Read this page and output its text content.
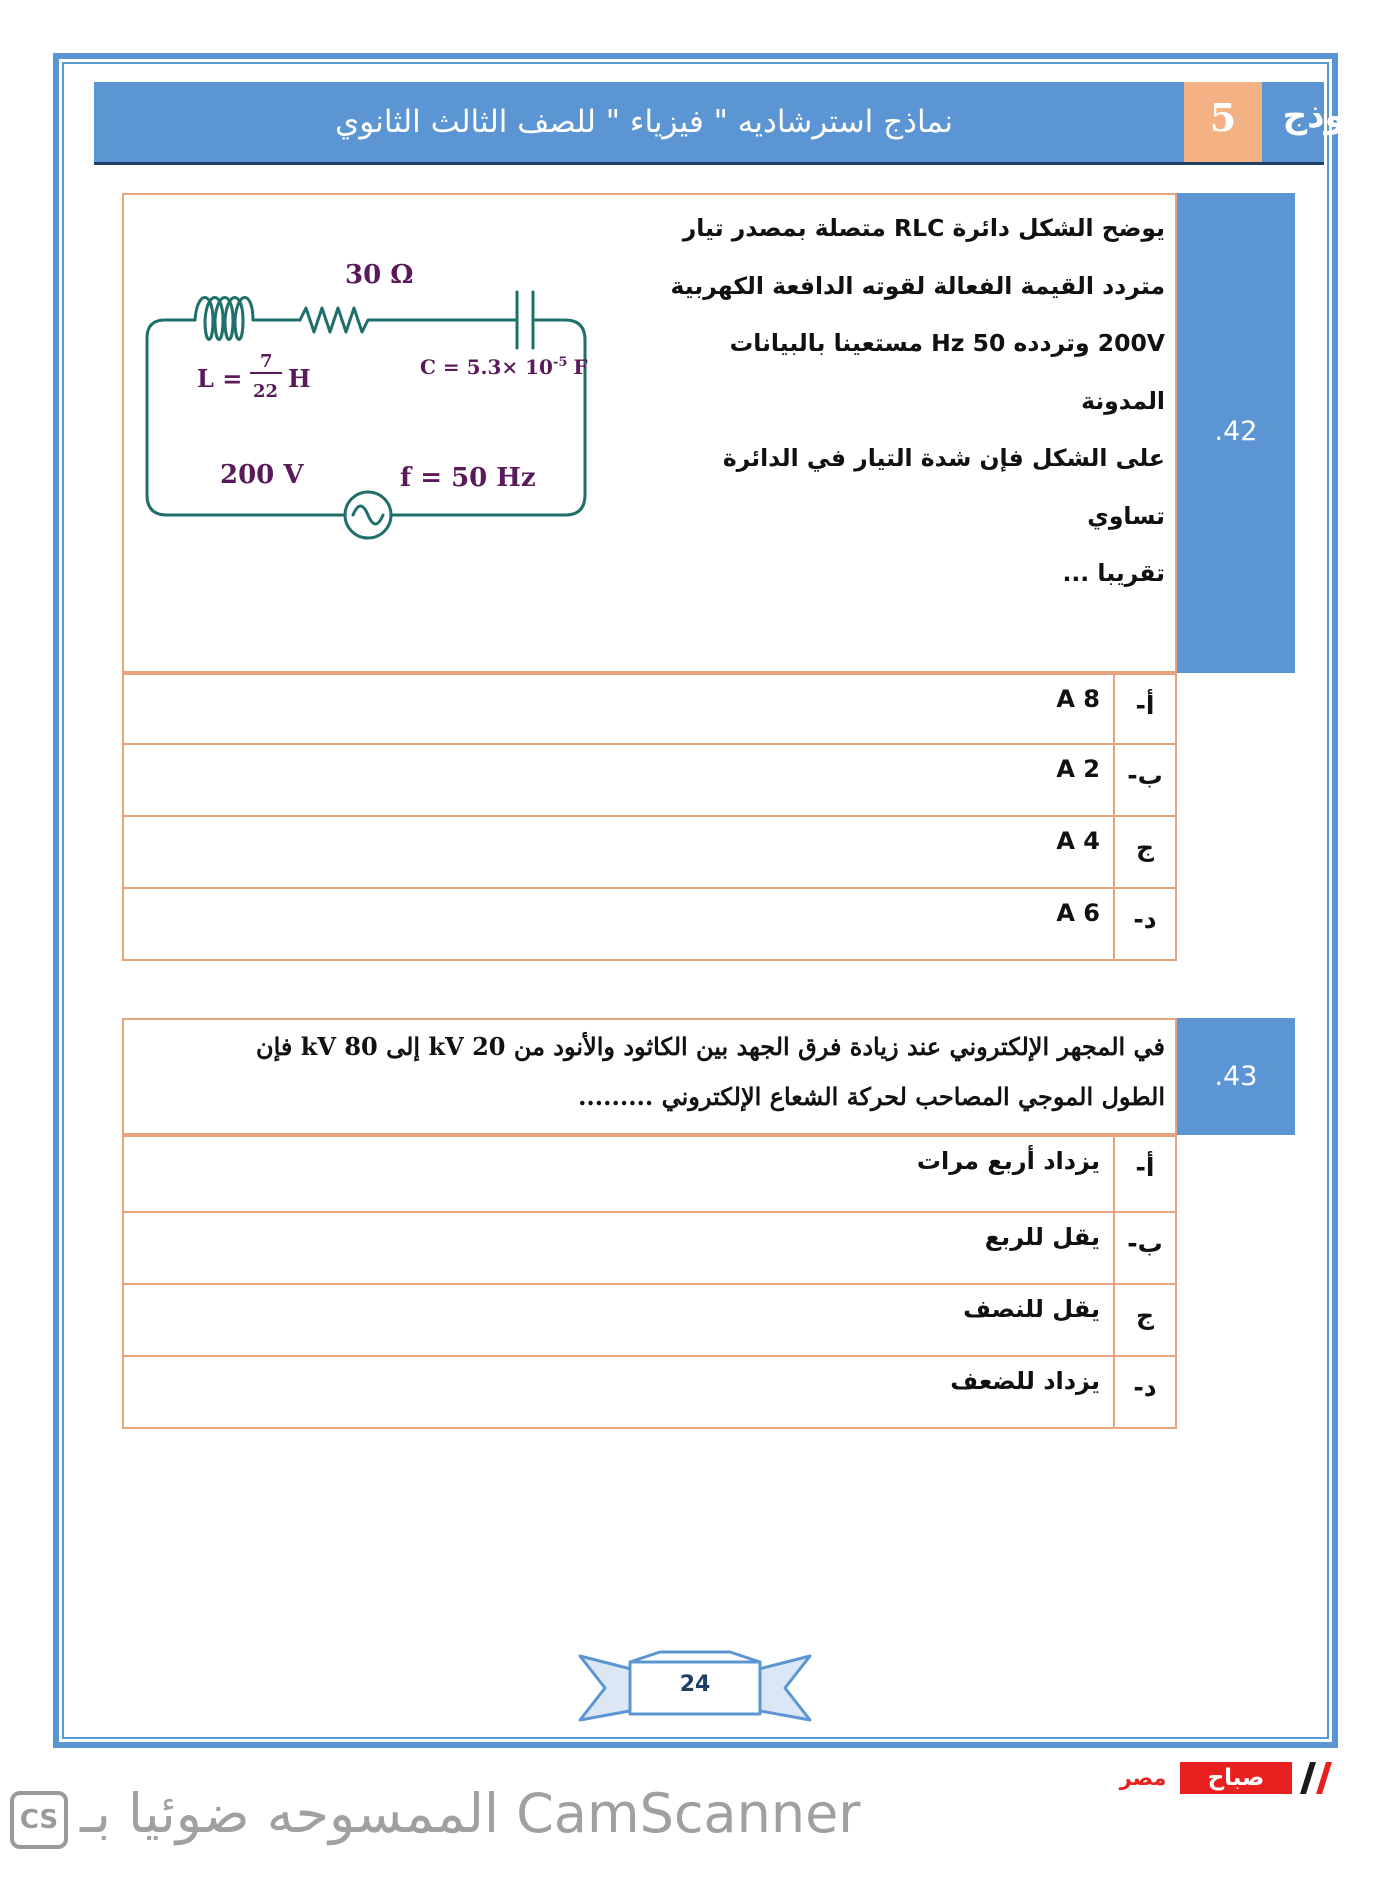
نماذج استرشاديه " فيزياء " للصف الثالث الثانوي	5	نموذج
.42
يوضح الشكل دائرة RLC متصلة بمصدر تيار
متردد القيمة الفعالة لقوته الدافعة الكهربية
200V وتردده 50 Hz مستعينا بالبيانات المدونة
على الشكل فإن شدة التيار في الدائرة تساوي
تقريبا ...
30 Ω
L =
7
22 H	$C = 5.3\times 10^{-5}$ F
200 V	f = 50 Hz
أ-
8 A
ب-
2 A
ج
4 A
د-
6 A
.43
في المجهر الإلكتروني عند زيادة فرق الجهد بين الكاثود والأنود من 20 kV إلى 80 kV فإن
الطول الموجي المصاحب لحركة الشعاع الإلكتروني .........
أ-
يزداد أربع مرات
ب-
يقل للربع
ج
يقل للنصف
د-
يزداد للضعف
24
صباح
مصر
CS الممسوحه ضوئيا بـ CamScanner
